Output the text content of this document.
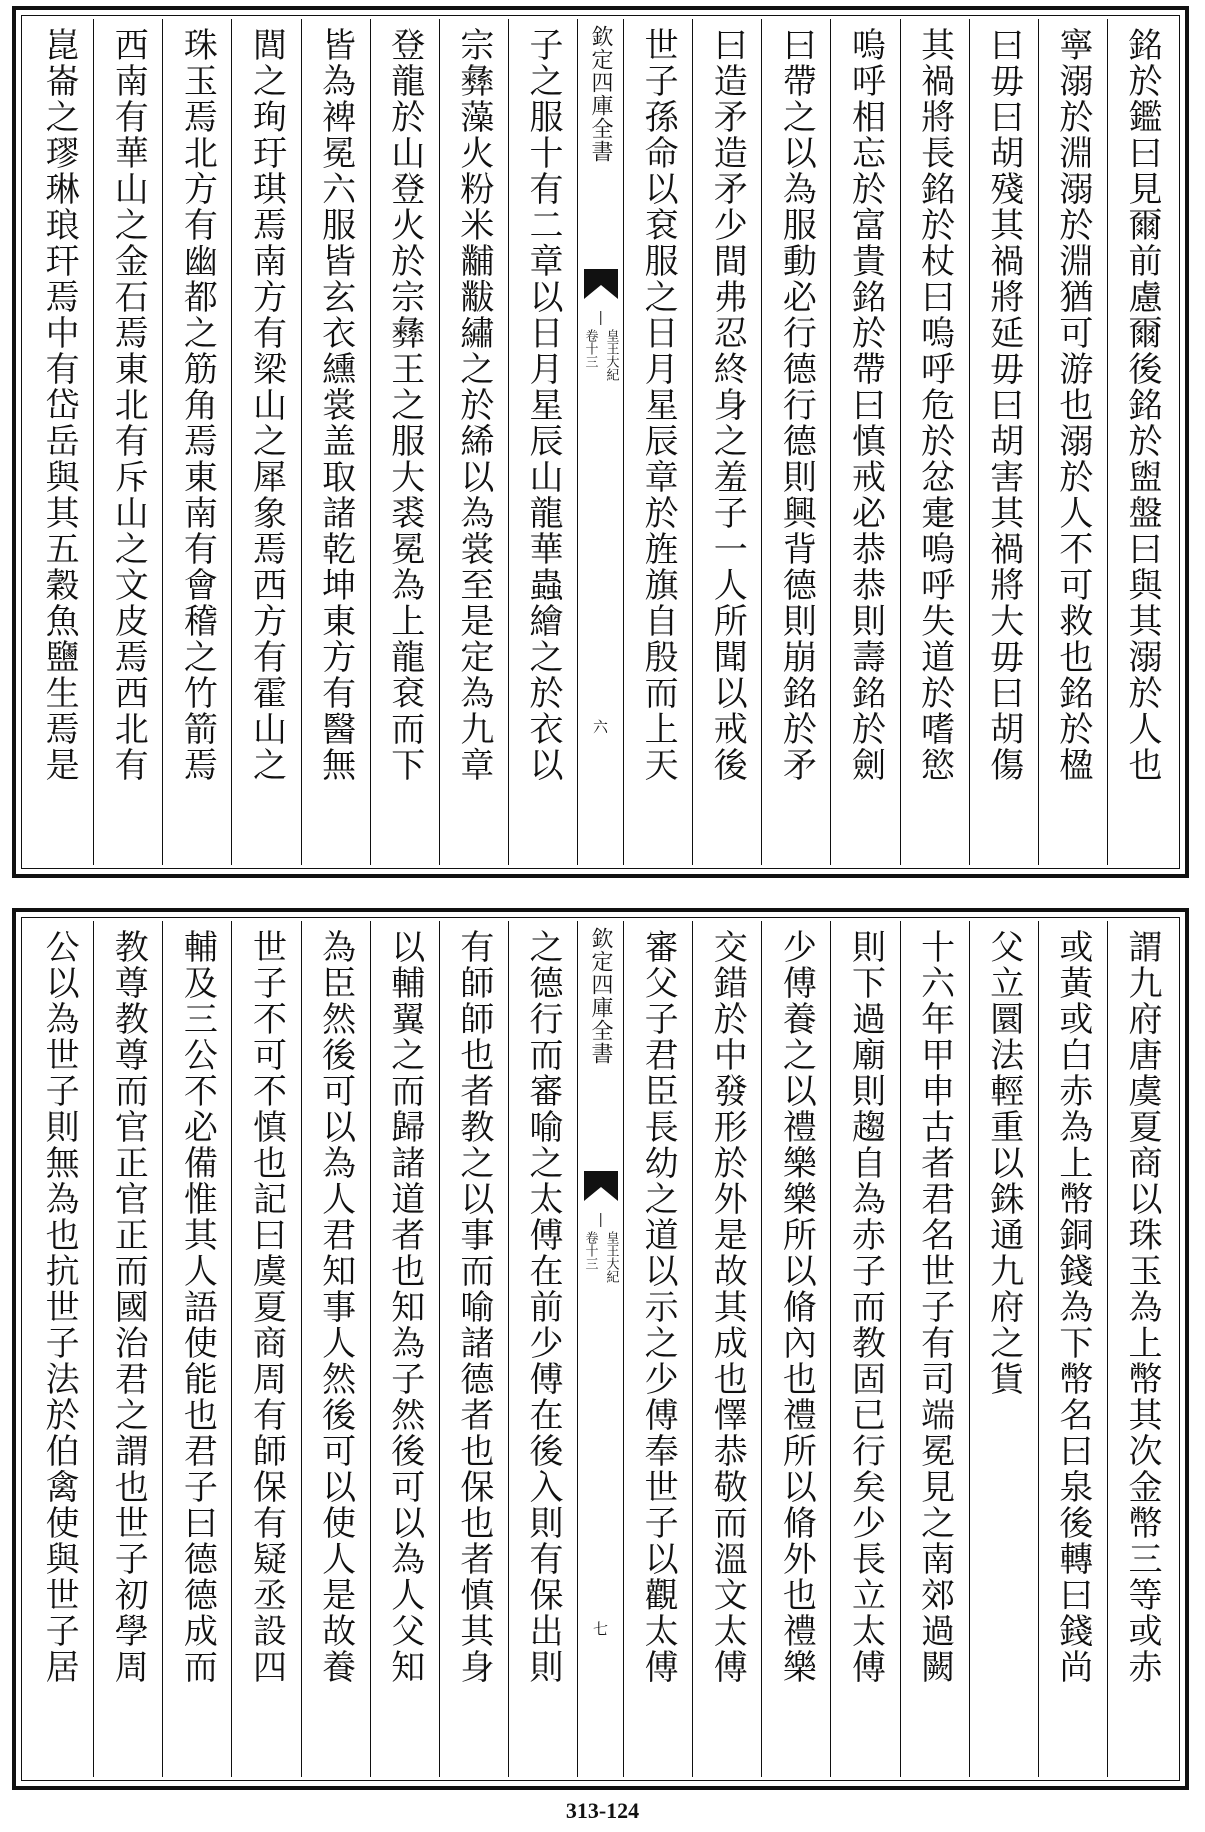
銘於鑑曰見爾前慮爾後銘於盥盤曰與其溺於人也
寧溺於淵溺於淵猶可游也溺於人不可救也銘於楹
曰毋曰胡殘其禍將延毋曰胡害其禍將大毋曰胡傷
其禍將長銘於杖曰嗚呼危於忿疐嗚呼失道於嗜慾
嗚呼相忘於富貴銘於帶曰慎戒必恭恭則壽銘於劍
曰帶之以為服動必行德行德則興背德則崩銘於矛
曰造矛造矛少間弗忍終身之羞子一人所聞以戒後
世子孫命以袞服之日月星辰章於旌旗自殷而上天
欽定四庫全書
皇王大紀
卷十三
六
子之服十有二章以日月星辰山龍華蟲繪之於衣以
宗彝藻火粉米黼黻繡之於絺以為裳至是定為九章
登龍於山登火於宗彝王之服大裘冕為上龍袞而下
皆為裨冕六服皆玄衣纁裳盖取諸乾坤東方有醫無
閭之珣玗琪焉南方有梁山之犀象焉西方有霍山之
珠玉焉北方有幽都之筋角焉東南有會稽之竹箭焉
西南有華山之金石焉東北有斥山之文皮焉西北有
崑崙之璆琳琅玕焉中有岱岳與其五穀魚鹽生焉是
謂九府唐虞夏商以珠玉為上幣其次金幣三等或赤
或黃或白赤為上幣銅錢為下幣名曰泉後轉曰錢尚
父立圜法輕重以銖通九府之貨
十六年甲申古者君名世子有司端冕見之南郊過闕
則下過廟則趨自為赤子而教固已行矣少長立太傅
少傅養之以禮樂樂所以脩內也禮所以脩外也禮樂
交錯於中發形於外是故其成也懌恭敬而溫文太傅
審父子君臣長幼之道以示之少傅奉世子以觀太傅
欽定四庫全書
皇王大紀
卷十三
七
之德行而審喻之太傅在前少傅在後入則有保出則
有師師也者教之以事而喻諸德者也保也者慎其身
以輔翼之而歸諸道者也知為子然後可以為人父知
為臣然後可以為人君知事人然後可以使人是故養
世子不可不慎也記曰虞夏商周有師保有疑丞設四
輔及三公不必備惟其人語使能也君子曰德德成而
教尊教尊而官正官正而國治君之謂也世子初學周
公以為世子則無為也抗世子法於伯禽使與世子居
313-124
